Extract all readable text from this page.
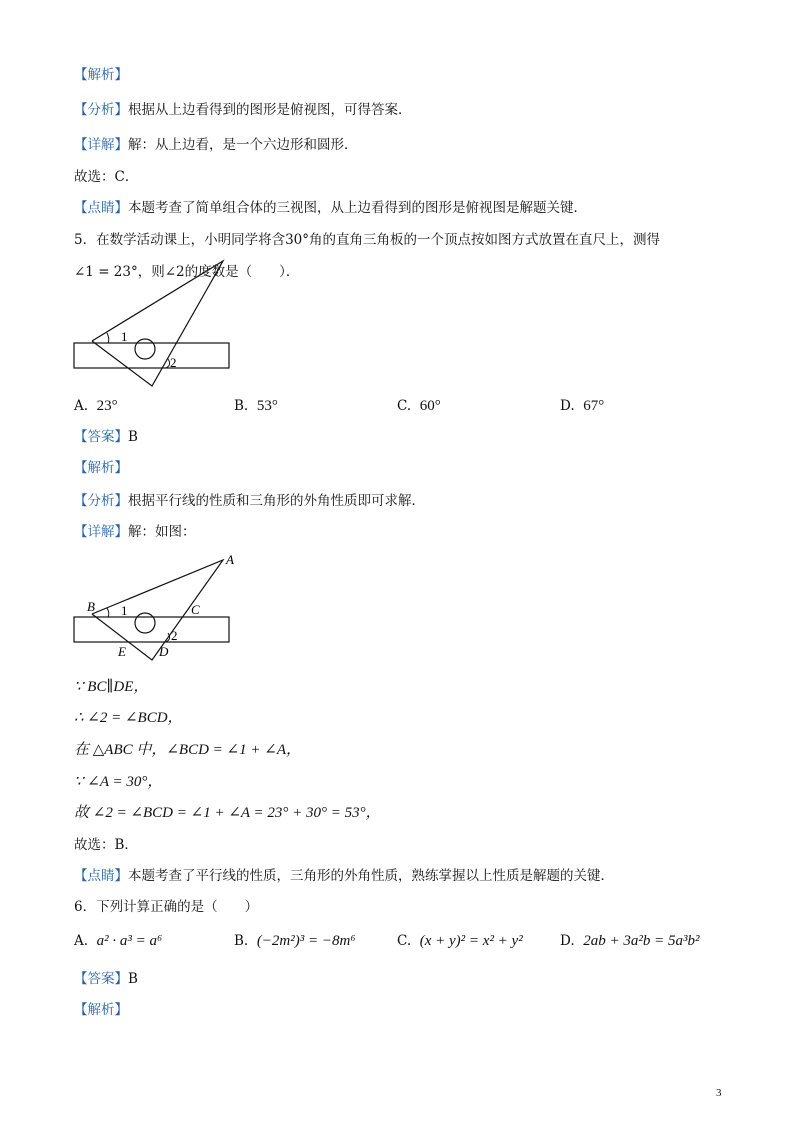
【解析】
【分析】根据从上边看得到的图形是俯视图，可得答案．
【详解】解：从上边看，是一个六边形和圆形．
故选：C．
【点睛】本题考查了简单组合体的三视图，从上边看得到的图形是俯视图是解题关键．
5．在数学活动课上，小明同学将含30°角的直角三角板的一个顶点按如图方式放置在直尺上，测得
∠1 = 23°，则∠2的度数是（　　）．
1
2
A. 23°	B. 53°	C. 60°	D. 67°
【答案】B
【解析】
【分析】根据平行线的性质和三角形的外角性质即可求解．
【详解】解：如图：
A
B	C
D
E
1
2
∵ BC∥DE，
∴ ∠2 = ∠BCD，
在 △ABC 中，∠BCD = ∠1 + ∠A，
∵ ∠A = 30°，
故 ∠2 = ∠BCD = ∠1 + ∠A = 23° + 30° = 53°，
故选：B．
【点睛】本题考查了平行线的性质，三角形的外角性质，熟练掌握以上性质是解题的关键．
6．下列计算正确的是（　　）
A. a² · a³ = a⁶	B. (−2m²)³ = −8m⁶	C. (x + y)² = x² + y²	D. 2ab + 3a²b = 5a³b²
【答案】B
【解析】
3
